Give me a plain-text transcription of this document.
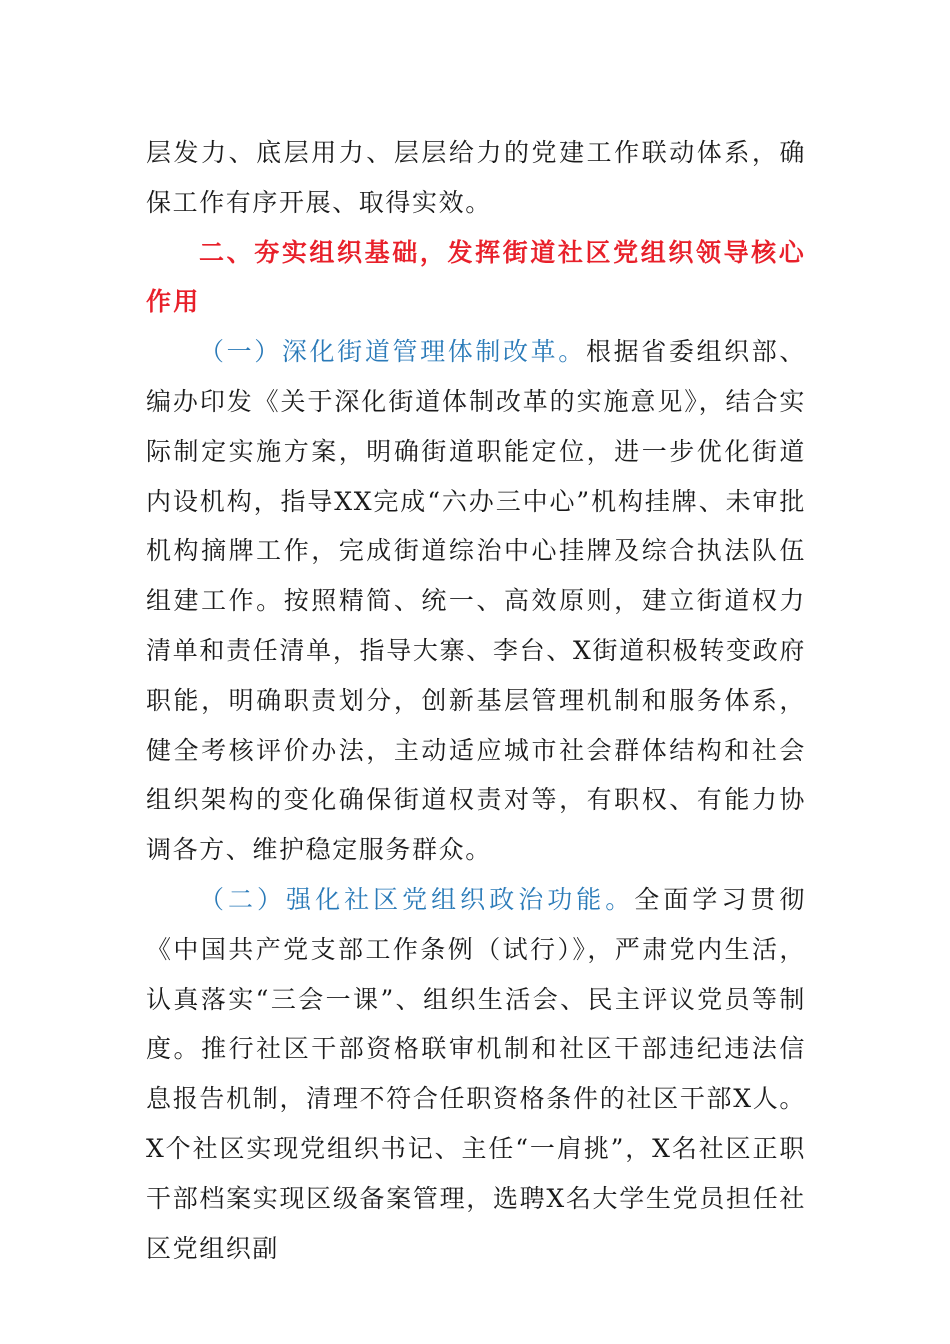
层发力、底层用力、层层给力的党建工作联动体系，确保工作有序开展、取得实效。

二、夯实组织基础，发挥街道社区党组织领导核心作用

（一）深化街道管理体制改革。根据省委组织部、编办印发《关于深化街道体制改革的实施意见》，结合实际制定实施方案，明确街道职能定位，进一步优化街道内设机构，指导XX完成“六办三中心”机构挂牌、未审批机构摘牌工作，完成街道综治中心挂牌及综合执法队伍组建工作。按照精简、统一、高效原则，建立街道权力清单和责任清单，指导大寨、李台、X街道积极转变政府职能，明确职责划分，创新基层管理机制和服务体系，健全考核评价办法，主动适应城市社会群体结构和社会组织架构的变化确保街道权责对等，有职权、有能力协调各方、维护稳定服务群众。

（二）强化社区党组织政治功能。全面学习贯彻《中国共产党支部工作条例（试行）》，严肃党内生活，认真落实“三会一课”、组织生活会、民主评议党员等制度。推行社区干部资格联审机制和社区干部违纪违法信息报告机制，清理不符合任职资格条件的社区干部X人。X个社区实现党组织书记、主任“一肩挑”，X名社区正职干部档案实现区级备案管理，选聘X名大学生党员担任社区党组织副
